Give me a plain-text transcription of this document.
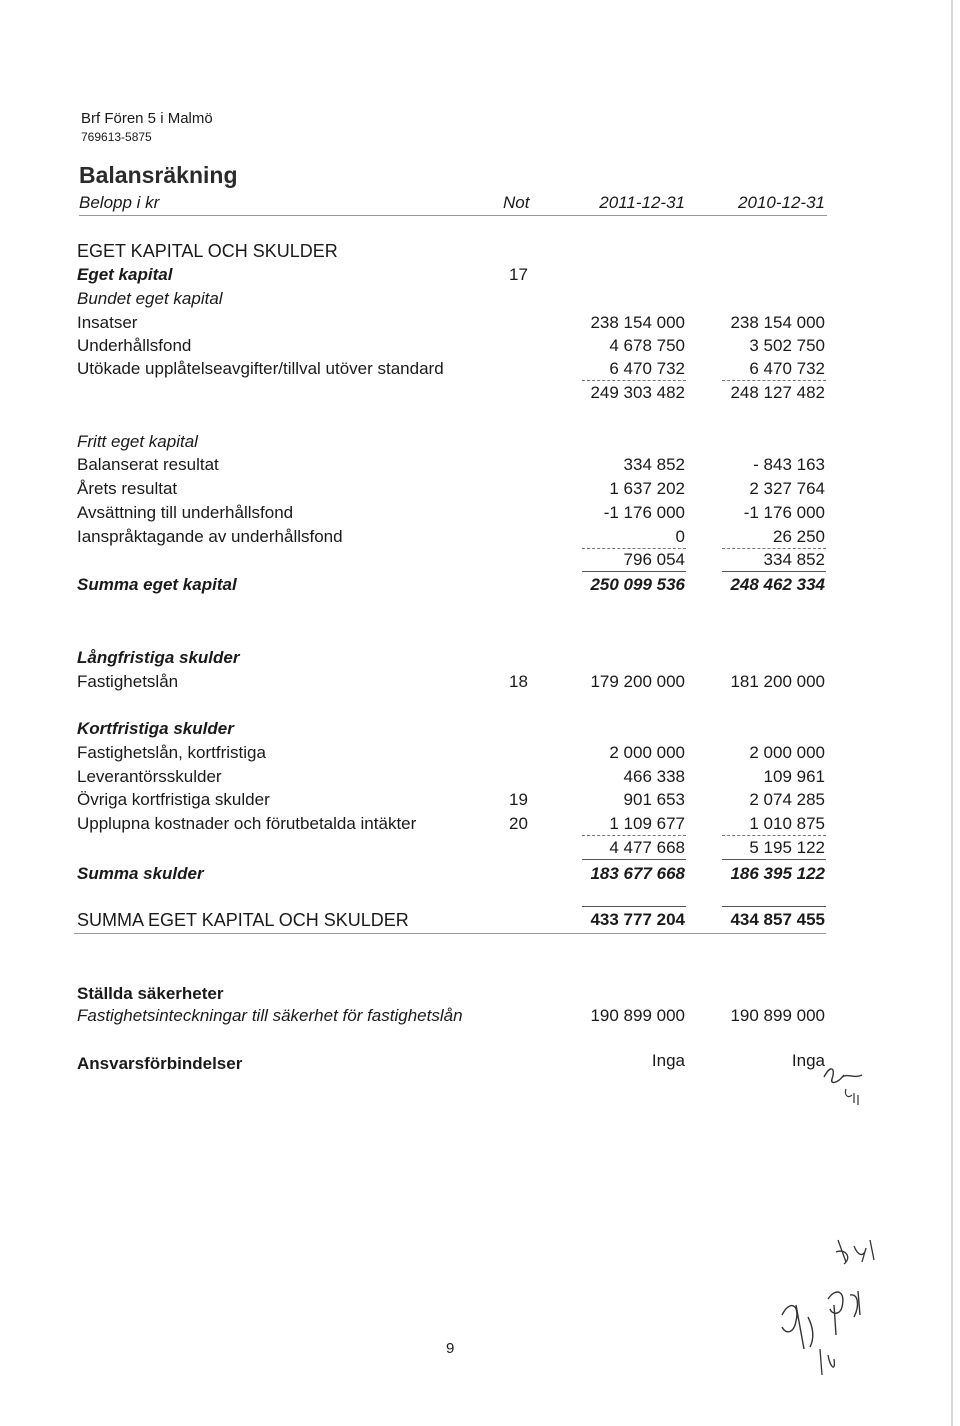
Brf Fören 5 i Malmö
769613-5875
Balansräkning
Belopp i kr	Not	2011-12-31	2010-12-31
EGET KAPITAL OCH SKULDER
Eget kapital	17
Bundet eget kapital
Insatser	238 154 000	238 154 000
Underhållsfond	4 678 750	3 502 750
Utökade upplåtelseavgifter/tillval utöver standard	6 470 732	6 470 732
249 303 482	248 127 482
Fritt eget kapital
Balanserat resultat	334 852	- 843 163
Årets resultat	1 637 202	2 327 764
Avsättning till underhållsfond	-1 176 000	-1 176 000
Ianspråktagande av underhållsfond	0	26 250
796 054	334 852
Summa eget kapital	250 099 536	248 462 334
Långfristiga skulder
Fastighetslån	18	179 200 000	181 200 000
Kortfristiga skulder
Fastighetslån, kortfristiga	2 000 000	2 000 000
Leverantörsskulder	466 338	109 961
Övriga kortfristiga skulder	19	901 653	2 074 285
Upplupna kostnader och förutbetalda intäkter	20	1 109 677	1 010 875
4 477 668	5 195 122
Summa skulder	183 677 668	186 395 122
SUMMA EGET KAPITAL OCH SKULDER	433 777 204	434 857 455
Ställda säkerheter
Fastighetsinteckningar till säkerhet för fastighetslån	190 899 000	190 899 000
Ansvarsförbindelser	Inga	Inga
9
